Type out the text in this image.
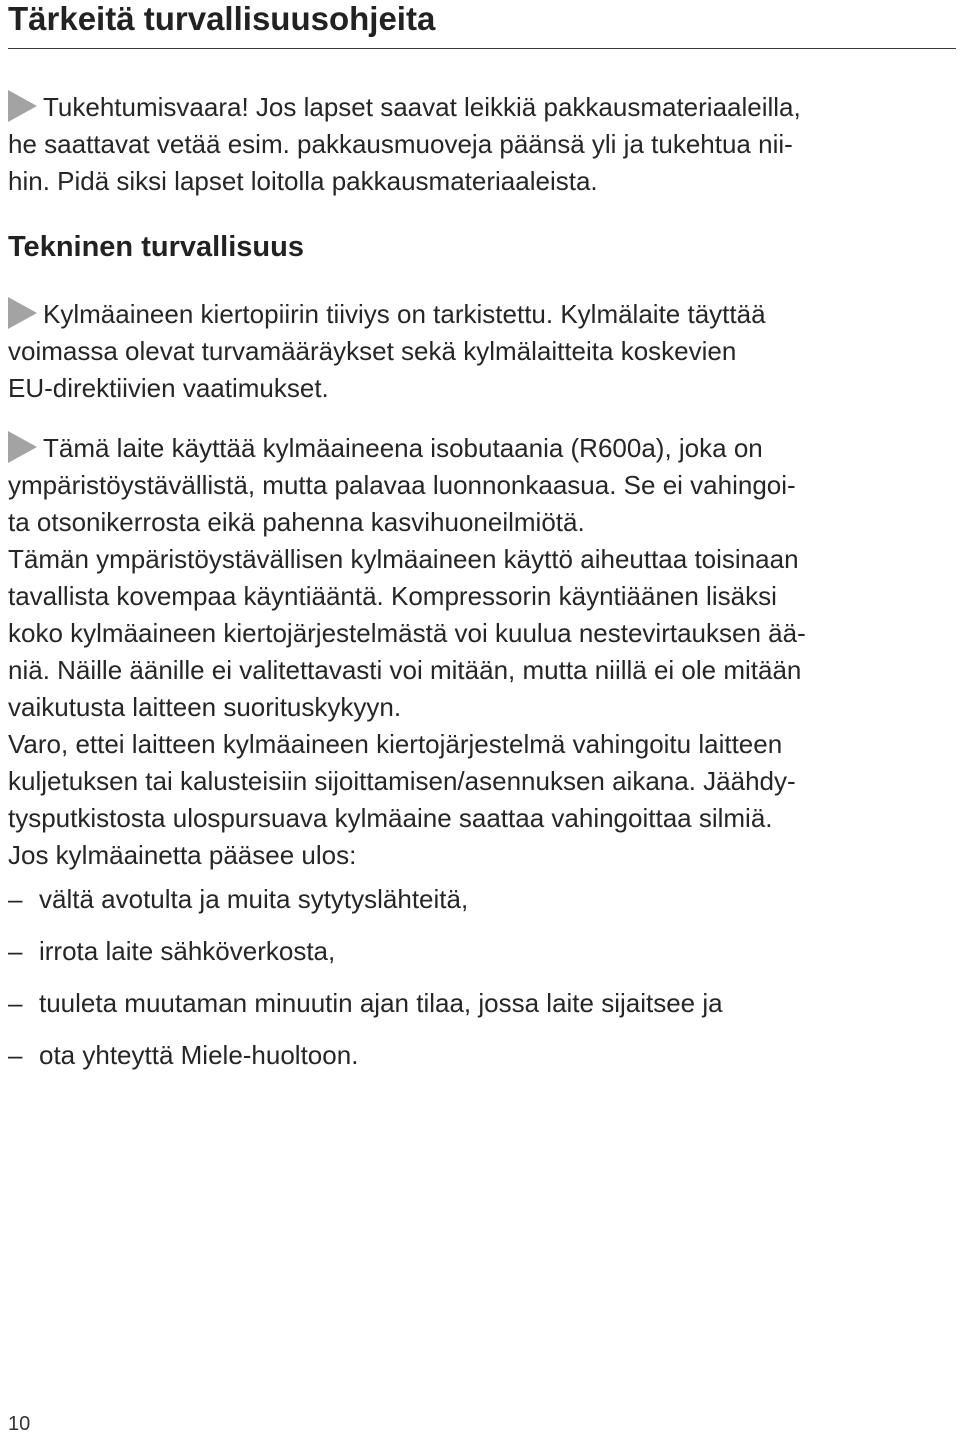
Tärkeitä turvallisuusohjeita
Tukehtumisvaara! Jos lapset saavat leikkiä pakkausmateriaaleilla,
he saattavat vetää esim. pakkausmuoveja päänsä yli ja tukehtua nii-
hin. Pidä siksi lapset loitolla pakkausmateriaaleista.
Tekninen turvallisuus
Kylmäaineen kiertopiirin tiiviys on tarkistettu. Kylmälaite täyttää
voimassa olevat turvamääräykset sekä kylmälaitteita koskevien
EU-direktiivien vaatimukset.
Tämä laite käyttää kylmäaineena isobutaania (R600a), joka on
ympäristöystävällistä, mutta palavaa luonnonkaasua. Se ei vahingoi-
ta otsonikerrosta eikä pahenna kasvihuoneilmiötä.
Tämän ympäristöystävällisen kylmäaineen käyttö aiheuttaa toisinaan
tavallista kovempaa käyntiääntä. Kompressorin käyntiäänen lisäksi
koko kylmäaineen kiertojärjestelmästä voi kuulua nestevirtauksen ää-
niä. Näille äänille ei valitettavasti voi mitään, mutta niillä ei ole mitään
vaikutusta laitteen suorituskykyyn.
Varo, ettei laitteen kylmäaineen kiertojärjestelmä vahingoitu laitteen
kuljetuksen tai kalusteisiin sijoittamisen/asennuksen aikana. Jäähdy-
tysputkistosta ulospursuava kylmäaine saattaa vahingoittaa silmiä.
Jos kylmäainetta pääsee ulos:
– vältä avotulta ja muita sytytyslähteitä,
– irrota laite sähköverkosta,
– tuuleta muutaman minuutin ajan tilaa, jossa laite sijaitsee ja
– ota yhteyttä Miele-huoltoon.
10
